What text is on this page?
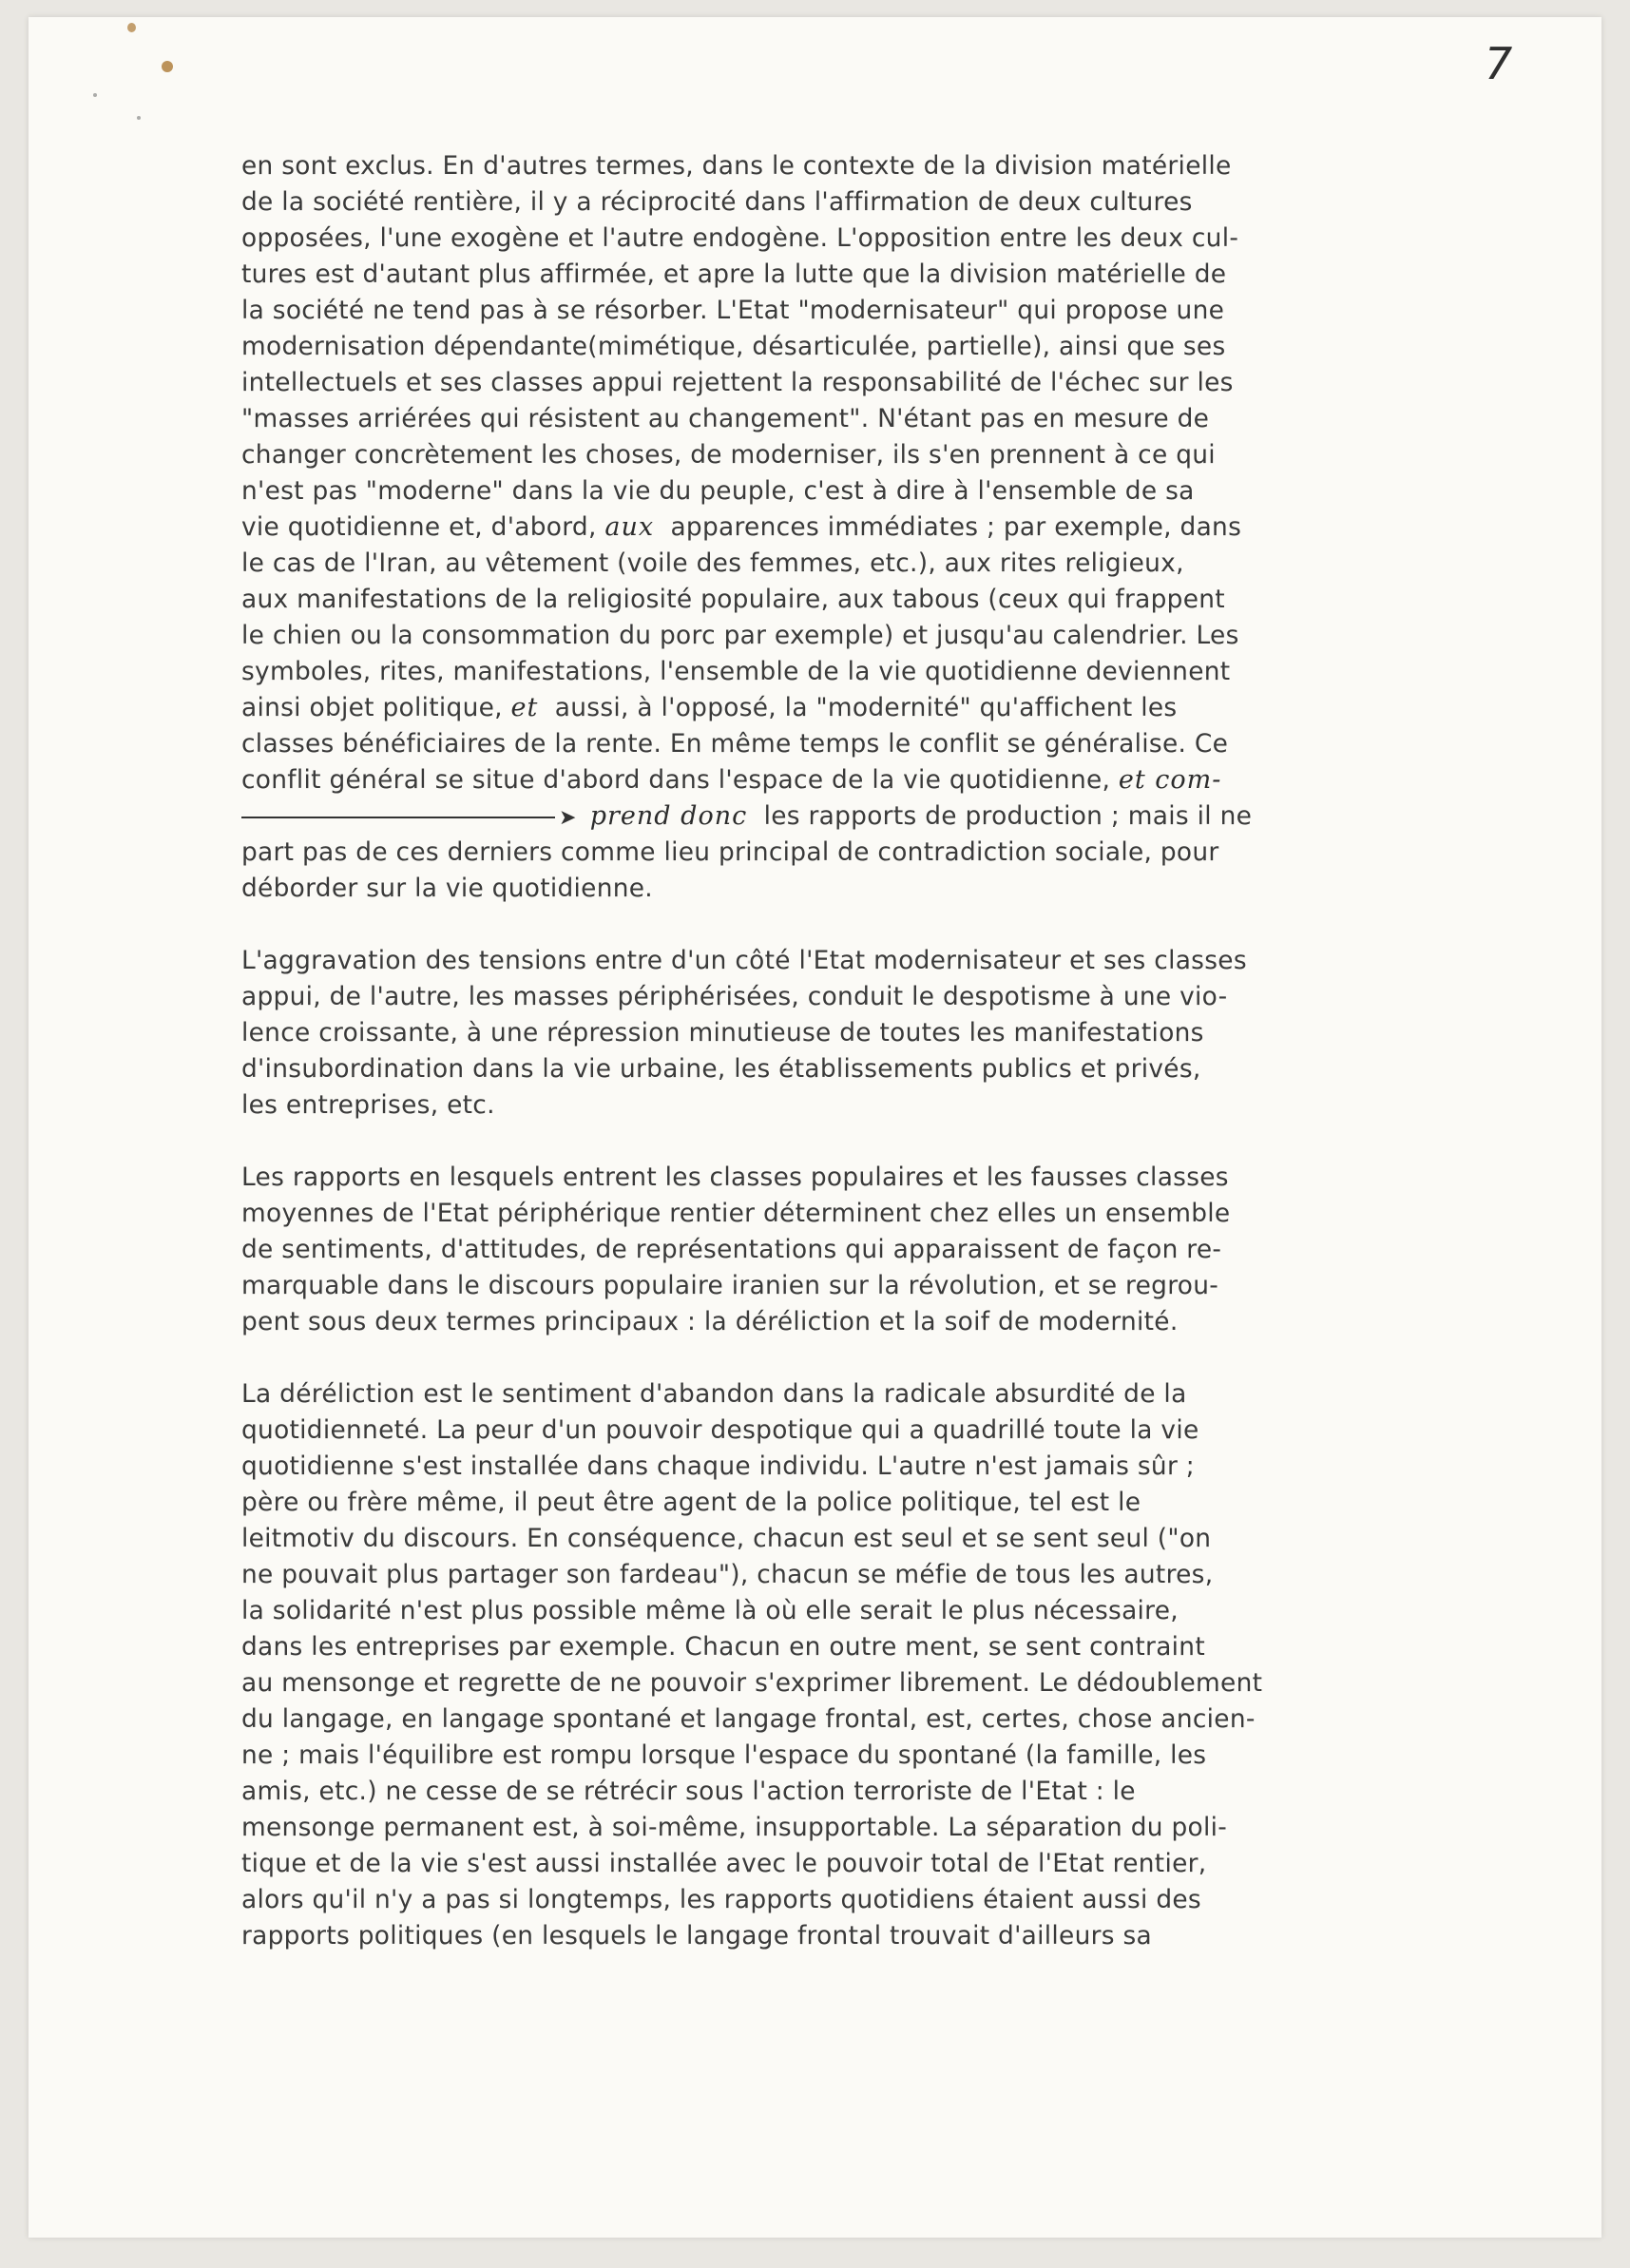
7
en sont exclus. En d'autres termes, dans le contexte de la division matérielle
de la société rentière, il y a réciprocité dans l'affirmation de deux cultures
opposées, l'une exogène et l'autre endogène. L'opposition entre les deux cul-
tures est d'autant plus affirmée, et apre la lutte que la division matérielle de
la société ne tend pas à se résorber. L'Etat "modernisateur" qui propose une
modernisation dépendante(mimétique, désarticulée, partielle), ainsi que ses
intellectuels et ses classes appui rejettent la responsabilité de l'échec sur les
"masses arriérées qui résistent au changement". N'étant pas en mesure de
changer concrètement les choses, de moderniser, ils s'en prennent à ce qui
n'est pas "moderne" dans la vie du peuple, c'est à dire à l'ensemble de sa
vie quotidienne et, d'abord, aux  apparences immédiates ; par exemple, dans
le cas de l'Iran, au vêtement (voile des femmes, etc.), aux rites religieux,
aux manifestations de la religiosité populaire, aux tabous (ceux qui frappent
le chien ou la consommation du porc par exemple) et jusqu'au calendrier. Les
symboles, rites, manifestations, l'ensemble de la vie quotidienne deviennent
ainsi objet politique, et  aussi, à l'opposé, la "modernité" qu'affichent les
classes bénéficiaires de la rente. En même temps le conflit se généralise. Ce
conflit général se situe d'abord dans l'espace de la vie quotidienne, et com-
➤ prend donc  les rapports de production ; mais il ne
part pas de ces derniers comme lieu principal de contradiction sociale, pour
déborder sur la vie quotidienne.
L'aggravation des tensions entre d'un côté l'Etat modernisateur et ses classes
appui, de l'autre, les masses périphérisées, conduit le despotisme à une vio-
lence croissante, à une répression minutieuse de toutes les manifestations
d'insubordination dans la vie urbaine, les établissements publics et privés,
les entreprises, etc.
Les rapports en lesquels entrent les classes populaires et les fausses classes
moyennes de l'Etat périphérique rentier déterminent chez elles un ensemble
de sentiments, d'attitudes, de représentations qui apparaissent de façon re-
marquable dans le discours populaire iranien sur la révolution, et se regrou-
pent sous deux termes principaux : la déréliction et la soif de modernité.
La déréliction est le sentiment d'abandon dans la radicale absurdité de la
quotidienneté. La peur d'un pouvoir despotique qui a quadrillé toute la vie
quotidienne s'est installée dans chaque individu. L'autre n'est jamais sûr ;
père ou frère même, il peut être agent de la police politique, tel est le
leitmotiv du discours. En conséquence, chacun est seul et se sent seul ("on
ne pouvait plus partager son fardeau"), chacun se méfie de tous les autres,
la solidarité n'est plus possible même là où elle serait le plus nécessaire,
dans les entreprises par exemple. Chacun en outre ment, se sent contraint
au mensonge et regrette de ne pouvoir s'exprimer librement. Le dédoublement
du langage, en langage spontané et langage frontal, est, certes, chose ancien-
ne ; mais l'équilibre est rompu lorsque l'espace du spontané (la famille, les
amis, etc.) ne cesse de se rétrécir sous l'action terroriste de l'Etat : le
mensonge permanent est, à soi-même, insupportable. La séparation du poli-
tique et de la vie s'est aussi installée avec le pouvoir total de l'Etat rentier,
alors qu'il n'y a pas si longtemps, les rapports quotidiens étaient aussi des
rapports politiques (en lesquels le langage frontal trouvait d'ailleurs sa
